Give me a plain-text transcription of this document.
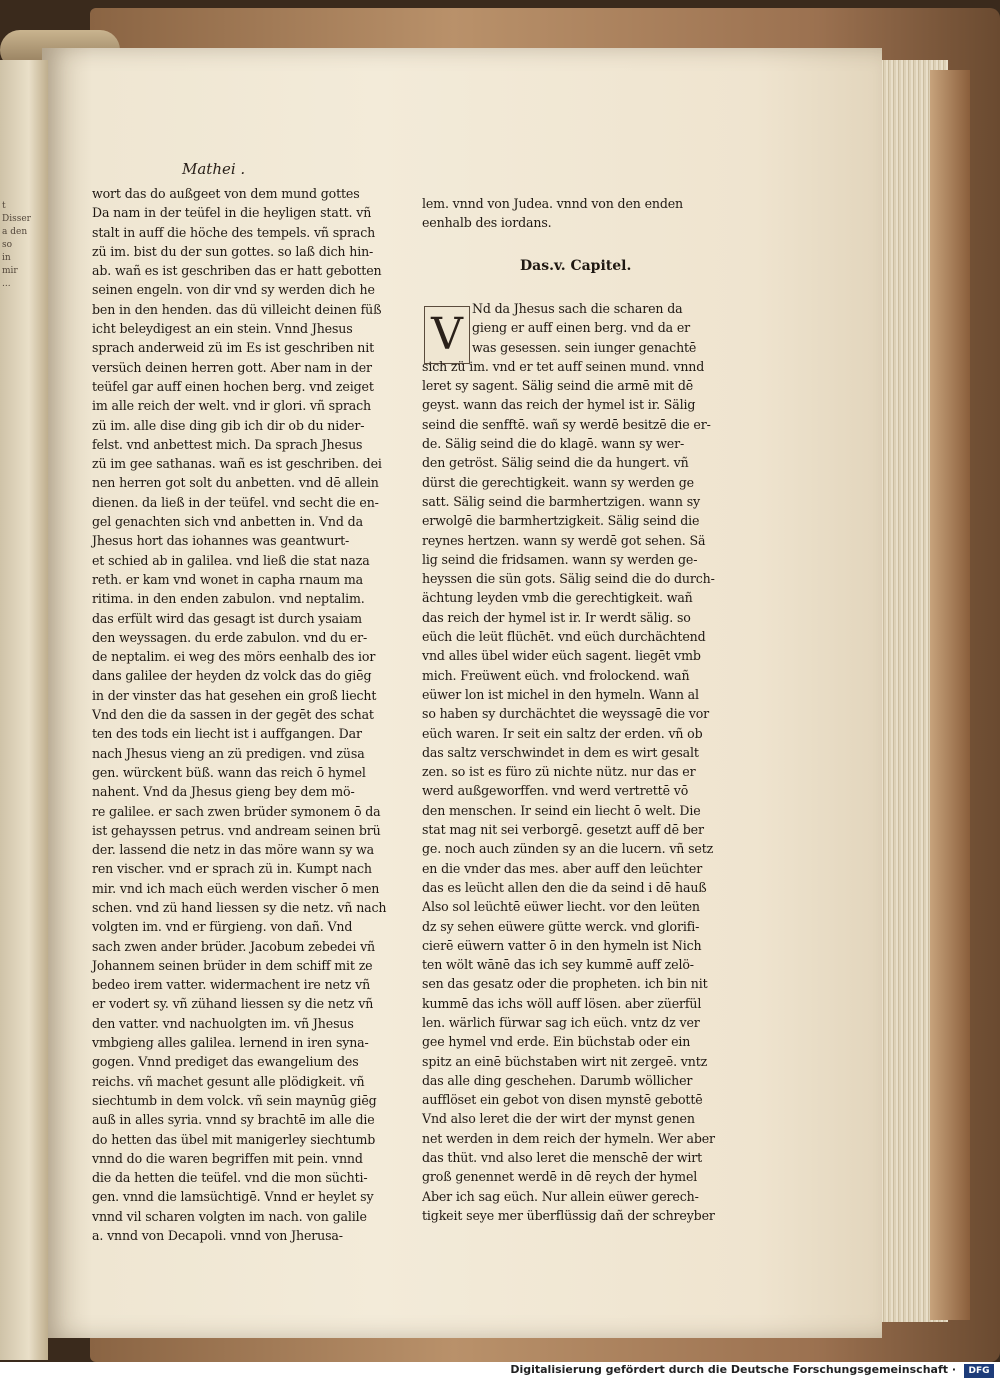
t
Disser
a den
so
in
mir
...
Mathei .
wort das do außgeet von dem mund gottes
Da nam in der teüfel in die heyligen statt. vñ
stalt in auff die höche des tempels. vñ sprach
zü im. bist du der sun gottes. so laß dich hin-
ab. wañ es ist geschriben das er hatt gebotten
seinen engeln. von dir vnd sy werden dich he
ben in den henden. das dü villeicht deinen füß
icht beleydigest an ein stein. Vnnd Jhesus
sprach anderweid zü im Es ist geschriben nit
versüch deinen herren gott. Aber nam in der
teüfel gar auff einen hochen berg. vnd zeiget
im alle reich der welt. vnd ir glori. vñ sprach
zü im. alle dise ding gib ich dir ob du nider-
felst. vnd anbettest mich. Da sprach Jhesus
zü im gee sathanas. wañ es ist geschriben. dei
nen herren got solt du anbetten. vnd dē allein
dienen. da ließ in der teüfel. vnd secht die en-
gel genachten sich vnd anbetten in. Vnd da
Jhesus hort das iohannes was geantwurt-
et schied ab in galilea. vnd ließ die stat naza
reth. er kam vnd wonet in capha rnaum ma
ritima. in den enden zabulon. vnd neptalim.
das erfült wird das gesagt ist durch ysaiam
den weyssagen. du erde zabulon. vnd du er-
de neptalim. ei weg des mörs eenhalb des ior
dans galilee der heyden dz volck das do giēg
in der vinster das hat gesehen ein groß liecht
Vnd den die da sassen in der gegēt des schat
ten des tods ein liecht ist i auffgangen. Dar
nach Jhesus vieng an zü predigen. vnd züsa
gen. würckent büß. wann das reich ō hymel
nahent. Vnd da Jhesus gieng bey dem mö-
re galilee. er sach zwen brüder symonem ō da
ist gehayssen petrus. vnd andream seinen brü
der. lassend die netz in das möre wann sy wa
ren vischer. vnd er sprach zü in. Kumpt nach
mir. vnd ich mach eüch werden vischer ō men
schen. vnd zü hand liessen sy die netz. vñ nach
volgten im. vnd er fürgieng. von dañ. Vnd
sach zwen ander brüder. Jacobum zebedei vñ
Johannem seinen brüder in dem schiff mit ze
bedeo irem vatter. widermachent ire netz vñ
er vodert sy. vñ zühand liessen sy die netz vñ
den vatter. vnd nachuolgten im. vñ Jhesus
vmbgieng alles galilea. lernend in iren syna-
gogen. Vnnd prediget das ewangelium des
reichs. vñ machet gesunt alle plödigkeit. vñ
siechtumb in dem volck. vñ sein maynūg giēg
auß in alles syria. vnnd sy brachtē im alle die
do hetten das übel mit manigerley siechtumb
vnnd do die waren begriffen mit pein. vnnd
die da hetten die teüfel. vnd die mon süchti-
gen. vnnd die lamsüchtigē. Vnnd er heylet sy
vnnd vil scharen volgten im nach. von galile
a. vnnd von Decapoli. vnnd von Jherusa-
lem. vnnd von Judea. vnnd von den enden
eenhalb des iordans.
Das.v. Capitel.
V
Nd da Jhesus sach die scharen da
gieng er auff einen berg. vnd da er
was gesessen. sein iunger genachtē
sich zü im. vnd er tet auff seinen mund. vnnd
leret sy sagent. Sälig seind die armē mit dē
geyst. wann das reich der hymel ist ir. Sälig
seind die senfftē. wañ sy werdē besitzē die er-
de. Sälig seind die do klagē. wann sy wer-
den getröst. Sälig seind die da hungert. vñ
dürst die gerechtigkeit. wann sy werden ge
satt. Sälig seind die barmhertzigen. wann sy
erwolgē die barmhertzigkeit. Sälig seind die
reynes hertzen. wann sy werdē got sehen. Sä
lig seind die fridsamen. wann sy werden ge-
heyssen die sün gots. Sälig seind die do durch-
ächtung leyden vmb die gerechtigkeit. wañ
das reich der hymel ist ir. Ir werdt sälig. so
eüch die leüt flüchēt. vnd eüch durchächtend
vnd alles übel wider eüch sagent. liegēt vmb
mich. Freüwent eüch. vnd frolockend. wañ
eüwer lon ist michel in den hymeln. Wann al
so haben sy durchächtet die weyssagē die vor
eüch waren. Ir seit ein saltz der erden. vñ ob
das saltz verschwindet in dem es wirt gesalt
zen. so ist es füro zü nichte nütz. nur das er
werd außgeworffen. vnd werd vertrettē vō
den menschen. Ir seind ein liecht ō welt. Die
stat mag nit sei verborgē. gesetzt auff dē ber
ge. noch auch zünden sy an die lucern. vñ setz
en die vnder das mes. aber auff den leüchter
das es leücht allen den die da seind i dē hauß
Also sol leüchtē eüwer liecht. vor den leüten
dz sy sehen eüwere gütte werck. vnd glorifi-
cierē eüwern vatter ō in den hymeln ist Nich
ten wölt wānē das ich sey kummē auff zelö-
sen das gesatz oder die propheten. ich bin nit
kummē das ichs wöll auff lösen. aber züerfül
len. wärlich fürwar sag ich eüch. vntz dz ver
gee hymel vnd erde. Ein büchstab oder ein
spitz an einē büchstaben wirt nit zergeē. vntz
das alle ding geschehen. Darumb wöllicher
aufflöset ein gebot von disen mynstē gebottē
Vnd also leret die der wirt der mynst genen
net werden in dem reich der hymeln. Wer aber
das thüt. vnd also leret die menschē der wirt
groß genennet werdē in dē reych der hymel
Aber ich sag eüch. Nur allein eüwer gerech-
tigkeit seye mer überflüssig dañ der schreyber
Digitalisierung gefördert durch die Deutsche Forschungsgemeinschaft ·	DFG
